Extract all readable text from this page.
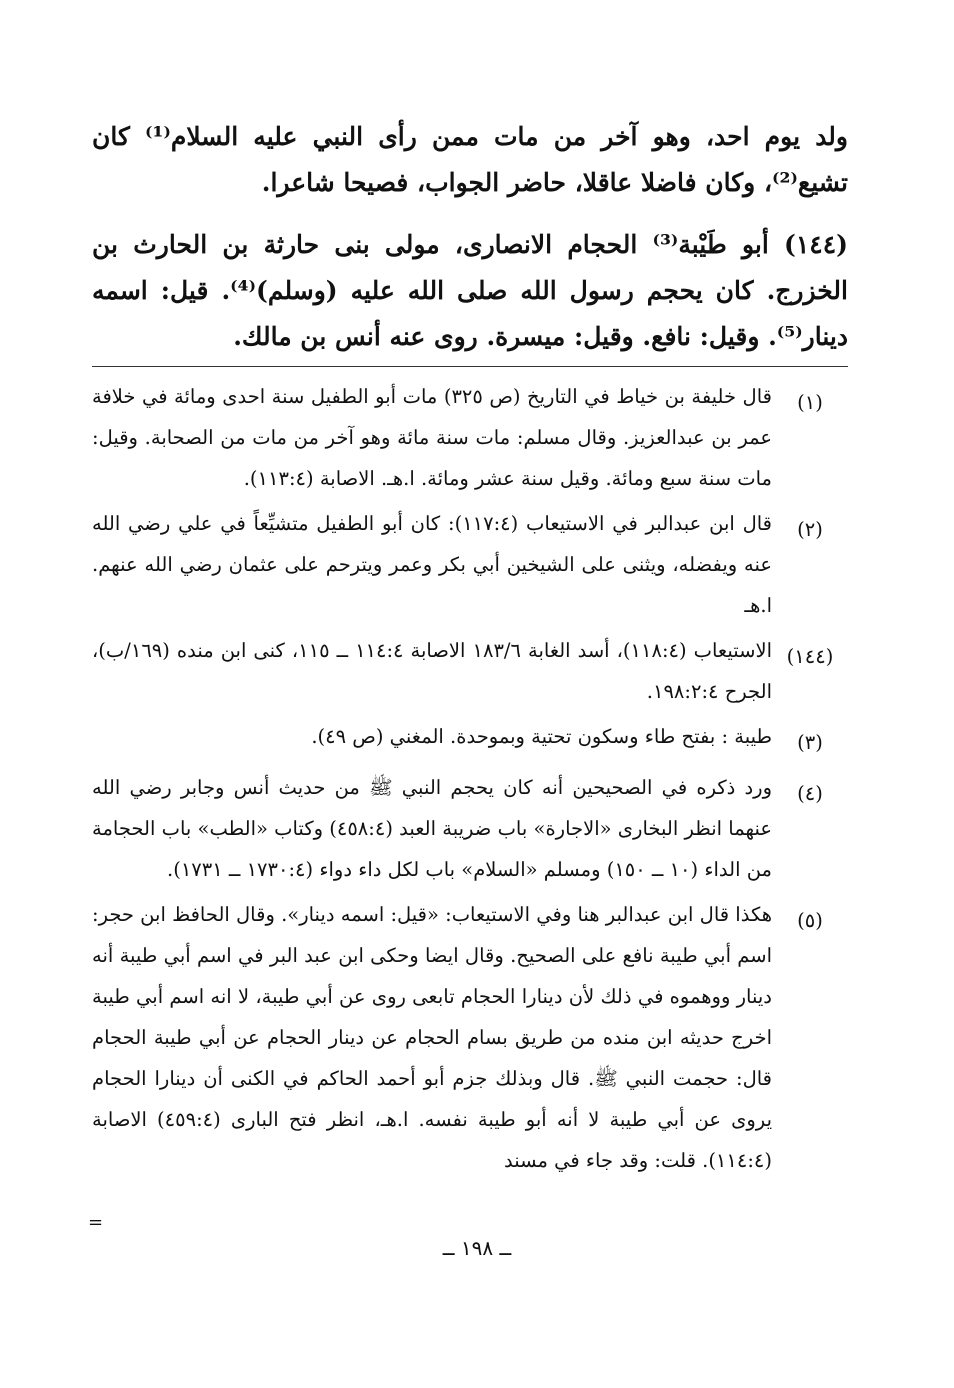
ولد يوم احد، وهو آخر من مات ممن رأى النبي عليه السلام⁽¹⁾ كان تشيع⁽²⁾، وكان فاضلا عاقلا، حاضر الجواب، فصيحا شاعرا.

(١٤٤) أبو طَيْبة⁽³⁾ الحجام الانصارى، مولى بنى حارثة بن الحارث بن الخزرج. كان يحجم رسول الله صلى الله عليه (وسلم)⁽⁴⁾. قيل: اسمه دينار⁽⁵⁾. وقيل: نافع. وقيل: ميسرة. روى عنه أنس بن مالك.

(١)
قال خليفة بن خياط في التاريخ (ص ٣٢٥) مات أبو الطفيل سنة احدى ومائة في خلافة عمر بن عبدالعزيز. وقال مسلم: مات سنة مائة وهو آخر من مات من الصحابة. وقيل: مات سنة سبع ومائة. وقيل سنة عشر ومائة. ا.هـ. الاصابة (١١٣:٤).
(٢)
قال ابن عبدالبر في الاستيعاب (١١٧:٤): كان أبو الطفيل متشيِّعاً في علي رضي الله عنه ويفضله، ويثنى على الشيخين أبي بكر وعمر ويترحم على عثمان رضي الله عنهم. ا.هـ
(١٤٤)
الاستيعاب (١١٨:٤)، أسد الغابة ١٨٣/٦ الاصابة ١١٤:٤ ــ ١١٥، كنى ابن منده (١٦٩/ب)، الجرح ١٩٨:٢:٤.
(٣)
طيبة : بفتح طاء وسكون تحتية وبموحدة. المغني (ص ٤٩).
(٤)
ورد ذكره في الصحيحين أنه كان يحجم النبي ﷺ من حديث أنس وجابر رضي الله عنهما انظر البخارى «الاجارة» باب ضريبة العبد (٤٥٨:٤) وكتاب «الطب» باب الحجامة من الداء (١٠ ــ ١٥٠) ومسلم «السلام» باب لكل داء دواء (١٧٣٠:٤ ــ ١٧٣١).
(٥)
هكذا قال ابن عبدالبر هنا وفي الاستيعاب: «قيل: اسمه دينار». وقال الحافظ ابن حجر: اسم أبي طيبة نافع على الصحيح. وقال ايضا وحكى ابن عبد البر في اسم أبي طيبة أنه دينار ووهموه في ذلك لأن دينارا الحجام تابعى روى عن أبي طيبة، لا انه اسم أبي طيبة اخرج حديثه ابن منده من طريق بسام الحجام عن دينار الحجام عن أبي طيبة الحجام قال: حجمت النبي ﷺ. قال وبذلك جزم أبو أحمد الحاكم في الكنى أن دينارا الحجام يروى عن أبي طيبة لا أنه أبو طيبة نفسه. ا.هـ، انظر فتح البارى (٤٥٩:٤) الاصابة (١١٤:٤). قلت: وقد جاء في مسند
=
ــ ١٩٨ ــ
